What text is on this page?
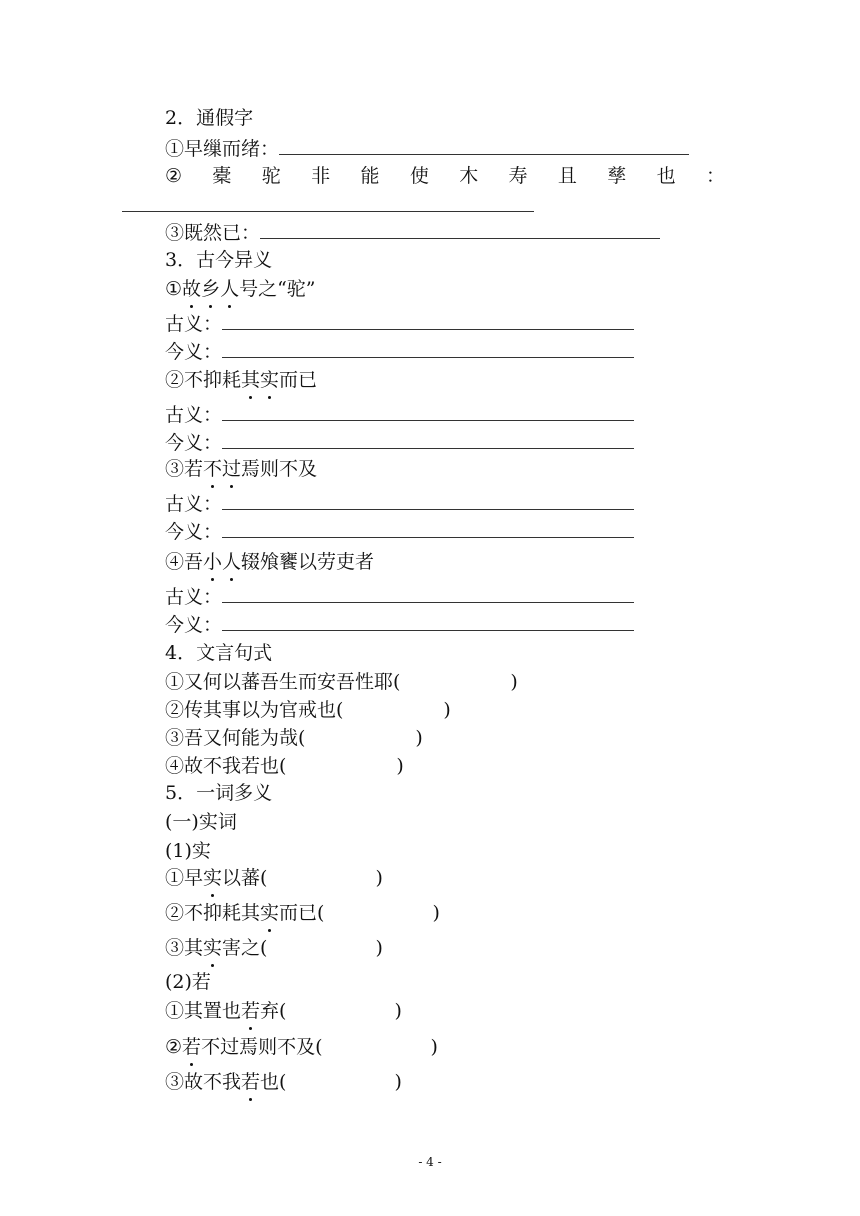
2．通假字
①早缫而绪：
② 橐 驼 非 能 使 木 寿 且 孳 也 ：
③既然已：
3．古今异义
①故乡人号之“驼”
古义：
今义：
②不抑耗其实而已
古义：
今义：
③若不过焉则不及
古义：
今义：
④吾小人辍飧饔以劳吏者
古义：
今义：
4．文言句式
①又何以蕃吾生而安吾性耶(	)
②传其事以为官戒也(	)
③吾又何能为哉(	)
④故不我若也(	)
5．一词多义
(一)实词
(1)实
①早实以蕃(	)
②不抑耗其实而已(	)
③其实害之(	)
(2)若
①其置也若弃(	)
②若不过焉则不及(	)
③故不我若也(	)
- 4 -
